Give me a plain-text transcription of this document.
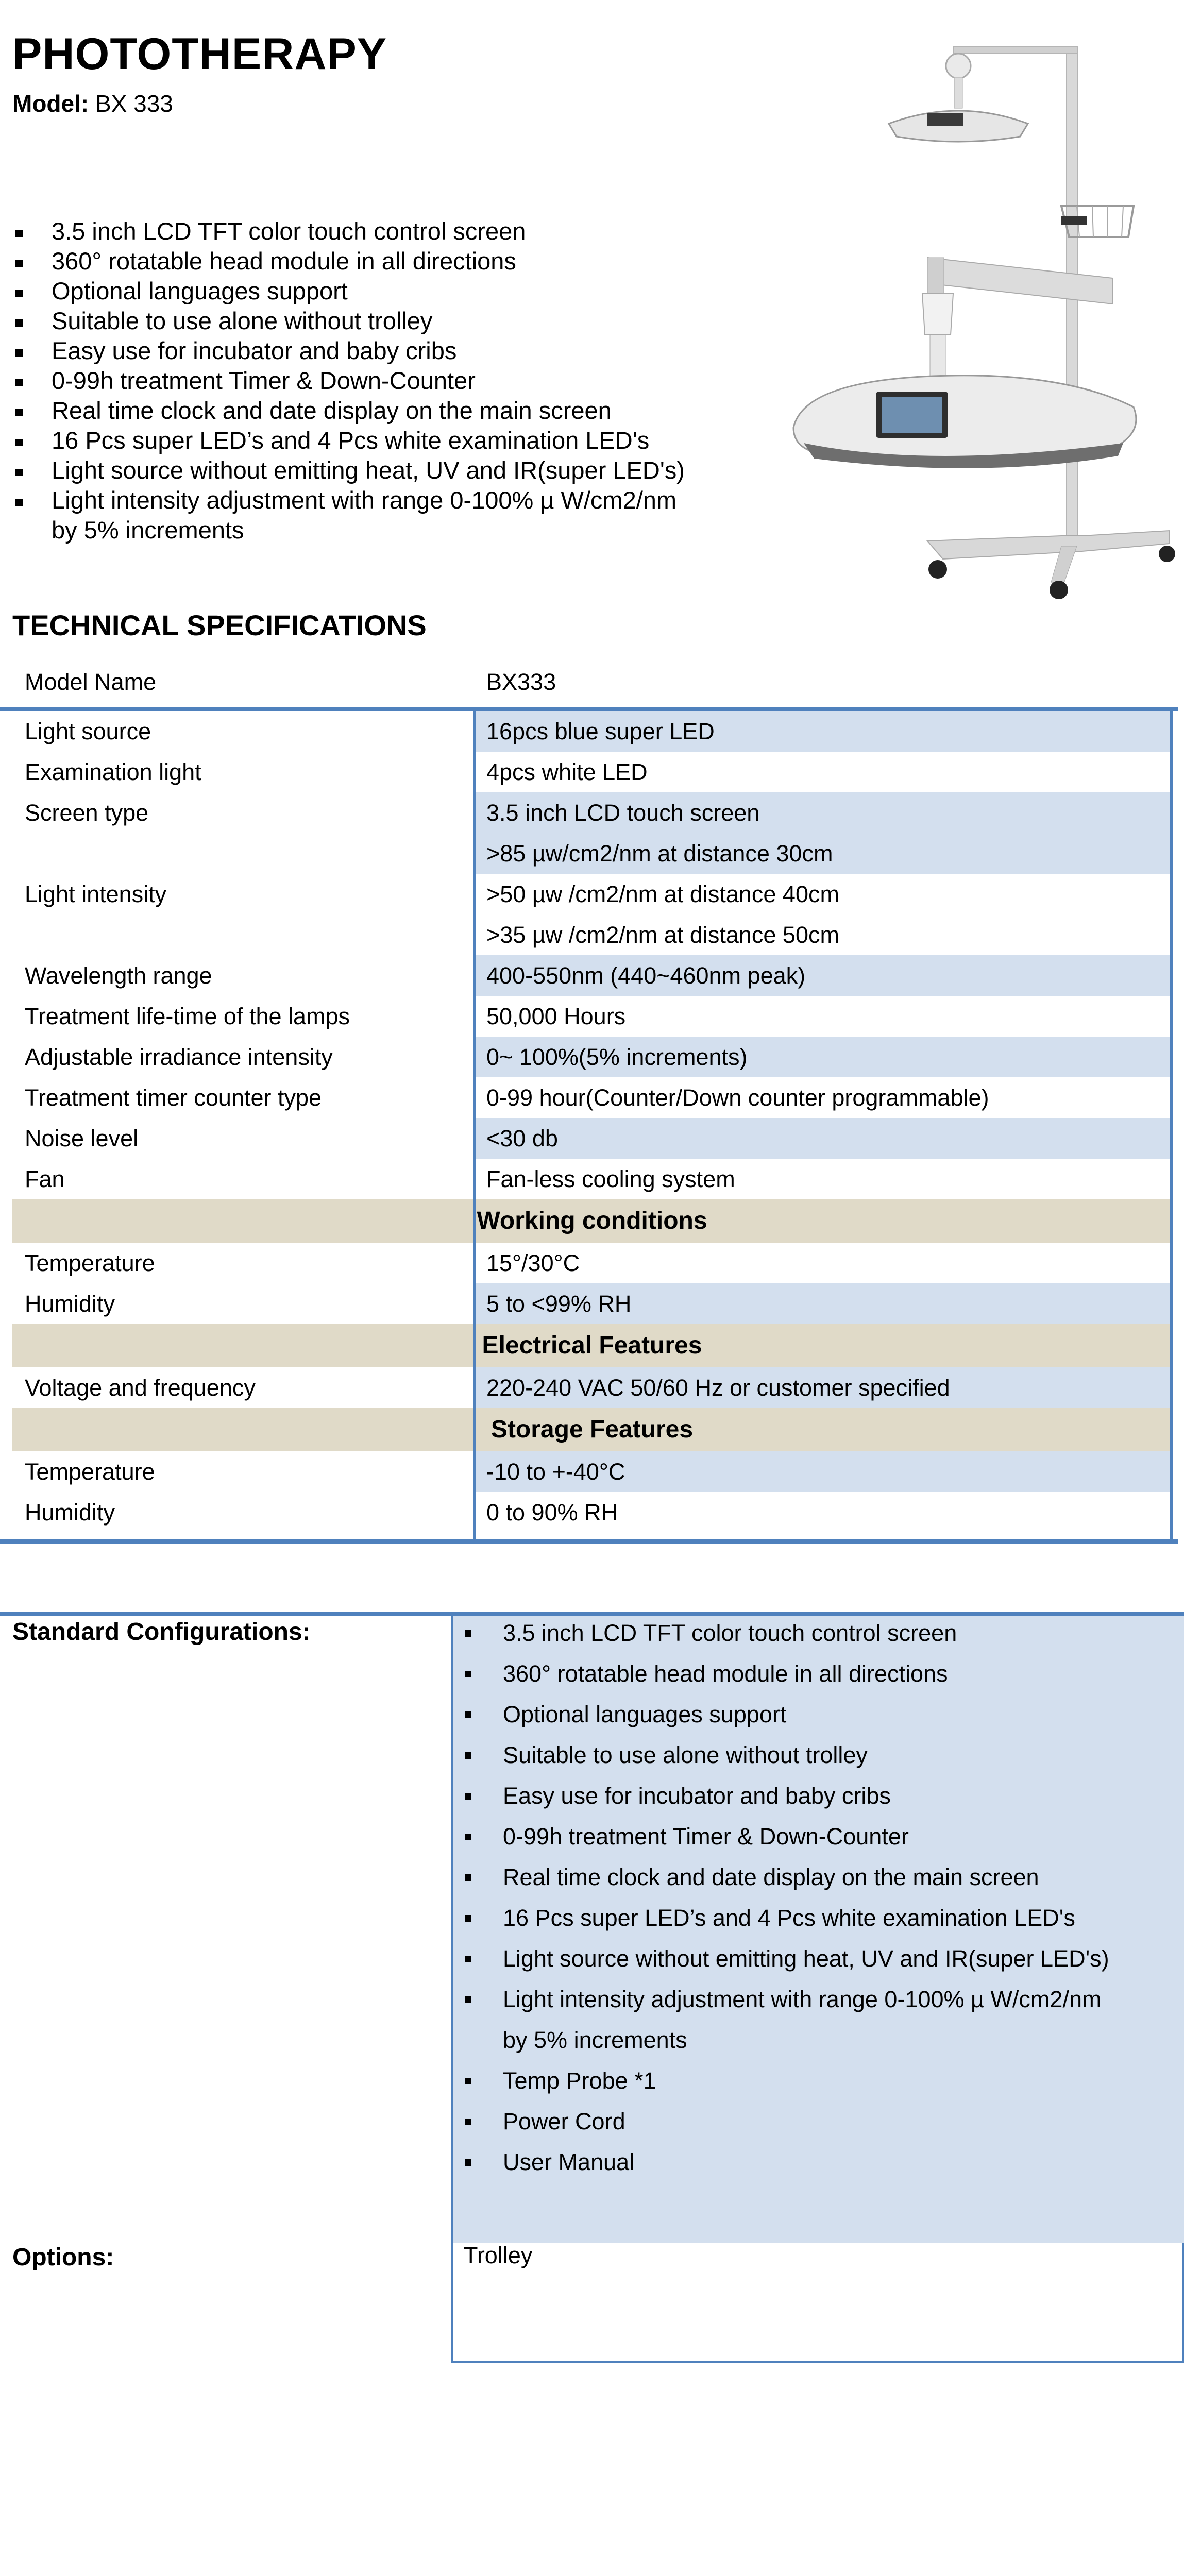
PHOTOTHERAPY
Model: BX 333
3.5 inch LCD TFT color touch control screen
360° rotatable head module in all directions
Optional languages support
Suitable to use alone without trolley
Easy use for incubator and baby cribs
0-99h treatment Timer & Down-Counter
Real time clock and date display on the main screen
16 Pcs super LED’s and 4 Pcs white examination LED's
Light source without emitting heat, UV and IR(super LED's)
Light intensity adjustment with range 0-100% µ W/cm2/nm
by 5% increments
TECHNICAL SPECIFICATIONS
Model Name	BX333
Light source	16pcs blue super LED
Examination light	4pcs white LED
Screen type	3.5 inch LCD touch screen
>85 µw/cm2/nm at distance 30cm
Light intensity	>50 µw /cm2/nm at distance 40cm
>35 µw /cm2/nm at distance 50cm
Wavelength range	400-550nm (440~460nm peak)
Treatment life-time of the lamps	50,000 Hours
Adjustable irradiance intensity	0~ 100%(5% increments)
Treatment timer counter type	0-99 hour(Counter/Down counter programmable)
Noise level	<30 db
Fan	Fan-less cooling system
Working conditions
Temperature	15°/30°C
Humidity	5 to <99% RH
Electrical Features
Voltage and frequency	220-240 VAC 50/60 Hz or customer specified
Storage Features
Temperature	-10 to +-40°C
Humidity	0 to 90% RH
Standard Configurations:	3.5 inch LCD TFT color touch control screen
360° rotatable head module in all directions
Optional languages support
Suitable to use alone without trolley
Easy use for incubator and baby cribs
0-99h treatment Timer & Down-Counter
Real time clock and date display on the main screen
16 Pcs super LED’s and 4 Pcs white examination LED's
Light source without emitting heat, UV and IR(super LED's)
Light intensity adjustment with range 0-100% µ W/cm2/nm
by 5% increments
Temp Probe *1
Power Cord
User Manual
Options:	Trolley
